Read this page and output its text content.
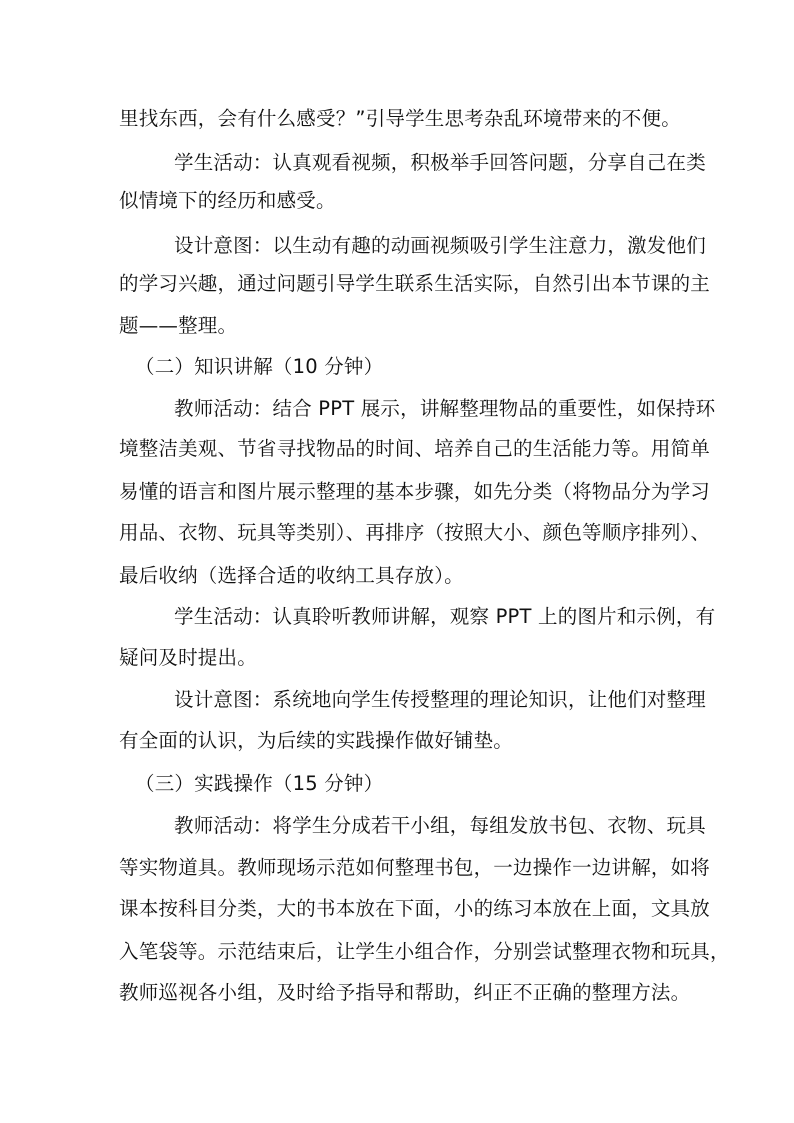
里找东西，会有什么感受？”引导学生思考杂乱环境带来的不便。
学生活动：认真观看视频，积极举手回答问题，分享自己在类
似情境下的经历和感受。
设计意图：以生动有趣的动画视频吸引学生注意力，激发他们
的学习兴趣，通过问题引导学生联系生活实际，自然引出本节课的主
题——整理。
（二）知识讲解（10 分钟）
教师活动：结合 PPT 展示，讲解整理物品的重要性，如保持环
境整洁美观、节省寻找物品的时间、培养自己的生活能力等。用简单
易懂的语言和图片展示整理的基本步骤，如先分类（将物品分为学习
用品、衣物、玩具等类别）、再排序（按照大小、颜色等顺序排列）、
最后收纳（选择合适的收纳工具存放）。
学生活动：认真聆听教师讲解，观察 PPT 上的图片和示例，有
疑问及时提出。
设计意图：系统地向学生传授整理的理论知识，让他们对整理
有全面的认识，为后续的实践操作做好铺垫。
（三）实践操作（15 分钟）
教师活动：将学生分成若干小组，每组发放书包、衣物、玩具
等实物道具。教师现场示范如何整理书包，一边操作一边讲解，如将
课本按科目分类，大的书本放在下面，小的练习本放在上面，文具放
入笔袋等。示范结束后，让学生小组合作，分别尝试整理衣物和玩具，
教师巡视各小组，及时给予指导和帮助，纠正不正确的整理方法。
